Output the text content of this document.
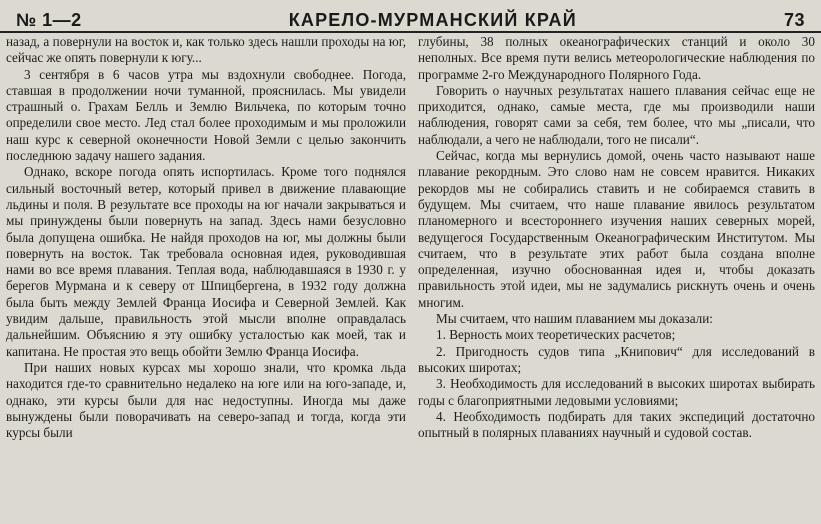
№ 1—2	КАРЕЛО-МУРМАНСКИЙ КРАЙ	73

назад, а повернули на восток и, как только здесь нашли проходы на юг, сейчас же опять повернули к югу...

3 сентября в 6 часов утра мы вздохнули свободнее. Погода, ставшая в продолжении ночи туманной, прояснилась. Мы увидели страшный о. Грахам Белль и Землю Вильчека, по которым точно определили свое место. Лед стал более проходимым и мы проложили наш курс к северной оконечности Новой Земли с целью закончить последнюю задачу нашего задания.

Однако, вскоре погода опять испортилась. Кроме того поднялся сильный восточный ветер, который привел в движение плавающие льдины и поля. В результате все проходы на юг начали закрываться и мы принуждены были повернуть на запад. Здесь нами безусловно была допущена ошибка. Не найдя проходов на юг, мы должны были повернуть на восток. Так требовала основная идея, руководившая нами во все время плавания. Теплая вода, наблюдавшаяся в 1930 г. у берегов Мурмана и к северу от Шпицбергена, в 1932 году должна была быть между Землей Франца Иосифа и Северной Землей. Как увидим дальше, правильность этой мысли вполне оправдалась дальнейшим. Объяснию я эту ошибку усталостью как моей, так и капитана. Не простая это вещь обойти Землю Франца Иосифа.

При наших новых курсах мы хорошо знали, что кромка льда находится где-то сравнительно недалеко на юге или на юго-западе, и, однако, эти курсы были для нас недоступны. Иногда мы даже вынуждены были поворачивать на северо-запад и тогда, когда эти курсы были

глубины, 38 полных океанографических станций и около 30 неполных. Все время пути велись метеорологические наблюдения по программе 2-го Международного Полярного Года.

Говорить о научных результатах нашего плавания сейчас еще не приходится, однако, самые места, где мы производили наши наблюдения, говорят сами за себя, тем более, что мы „писали, что наблюдали, а чего не наблюдали, того не писали“.

Сейчас, когда мы вернулись домой, очень часто называют наше плавание рекордным. Это слово нам не совсем нравится. Никаких рекордов мы не собирались ставить и не собираемся ставить в будущем. Мы считаем, что наше плавание явилось результатом планомерного и всестороннего изучения наших северных морей, ведущегося Государственным Океанографическим Институтом. Мы считаем, что в результате этих работ была создана вполне определенная, изучно обоснованная идея и, чтобы доказать правильность этой идеи, мы не задумались рискнуть очень и очень многим.

Мы считаем, что нашим плаванием мы доказали:

1. Верность моих теоретических расчетов;

2. Пригодность судов типа „Книпович“ для исследований в высоких широтах;

3. Необходимость для исследований в высоких широтах выбирать годы с благоприятными ледовыми условиями;

4. Необходимость подбирать для таких экспедиций достаточно опытный в полярных плаваниях научный и судовой состав.
